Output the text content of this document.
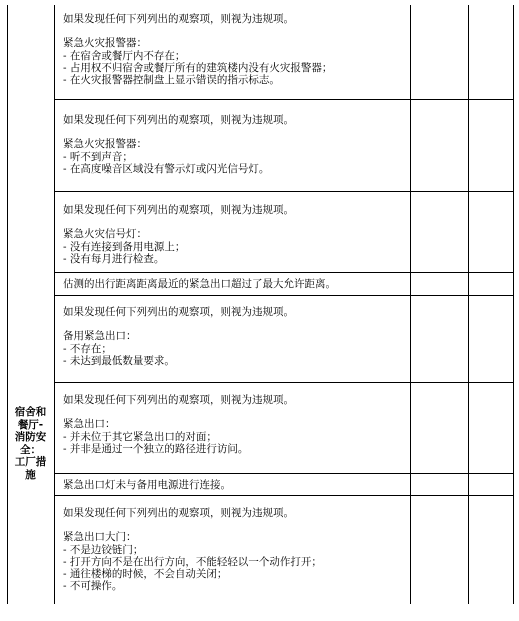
宿舍和
餐厅-
消防安
全：
工厂措
施
如果发现任何下列列出的观察项，则视为违规项。
紧急火灾报警器：
- 在宿舍或餐厅内不存在；
- 占用权不归宿舍或餐厅所有的建筑楼内没有火灾报警器；
- 在火灾报警器控制盘上显示错误的指示标志。
如果发现任何下列列出的观察项，则视为违规项。
紧急火灾报警器：
- 听不到声音；
- 在高度噪音区域没有警示灯或闪光信号灯。
如果发现任何下列列出的观察项，则视为违规项。
紧急火灾信号灯：
- 没有连接到备用电源上；
- 没有每月进行检查。
估测的出行距离距离最近的紧急出口超过了最大允许距离。
如果发现任何下列列出的观察项，则视为违规项。
备用紧急出口：
- 不存在；
- 未达到最低数量要求。
如果发现任何下列列出的观察项，则视为违规项。
紧急出口：
- 并未位于其它紧急出口的对面；
- 并非是通过一个独立的路径进行访问。
紧急出口灯未与备用电源进行连接。
如果发现任何下列列出的观察项，则视为违规项。
紧急出口大门：
- 不是边铰链门；
- 打开方向不是在出行方向，不能轻轻以一个动作打开；
- 通往楼梯的时候，不会自动关闭；
- 不可操作。
